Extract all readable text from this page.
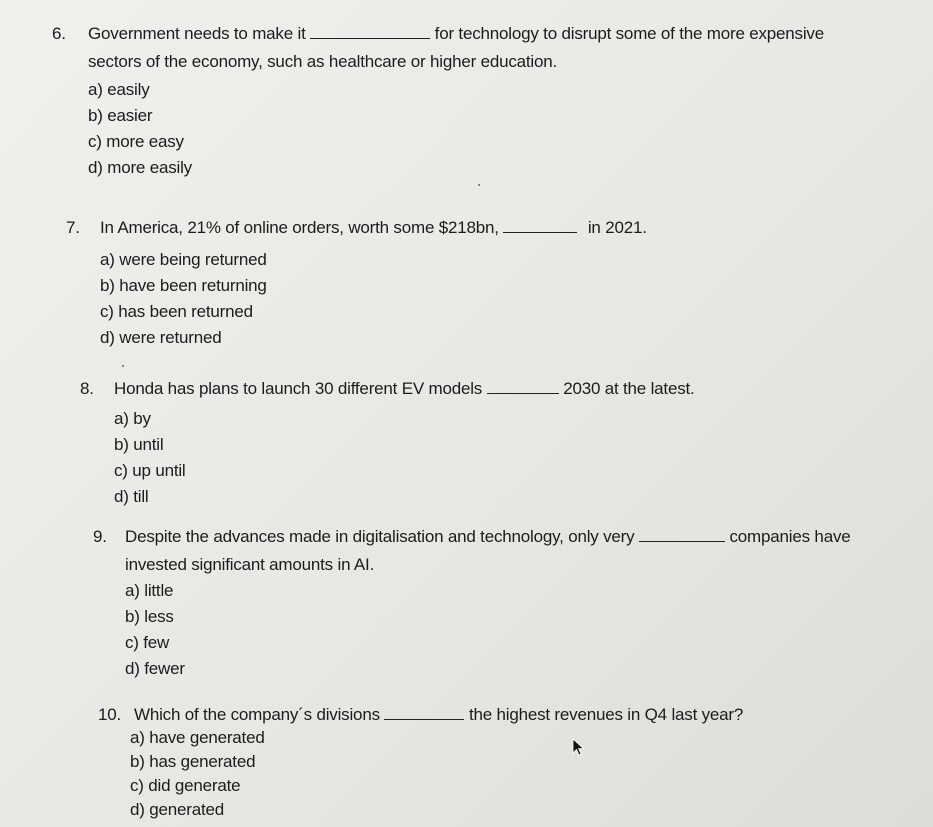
6. Government needs to make it	for technology to disrupt some of the more expensive
sectors of the economy, such as healthcare or higher education.
a) easily
b) easier
c) more easy
d) more easily
7. In America, 21% of online orders, worth some $218bn,	in 2021.
a) were being returned
b) have been returning
c) has been returned
d) were returned
8. Honda has plans to launch 30 different EV models	2030 at the latest.
a) by
b) until
c) up until
d) till
9. Despite the advances made in digitalisation and technology, only very	companies have
invested significant amounts in AI.
a) little
b) less
c) few
d) fewer
10. Which of the company´s divisions	the highest revenues in Q4 last year?
a) have generated
b) has generated
c) did generate
d) generated
